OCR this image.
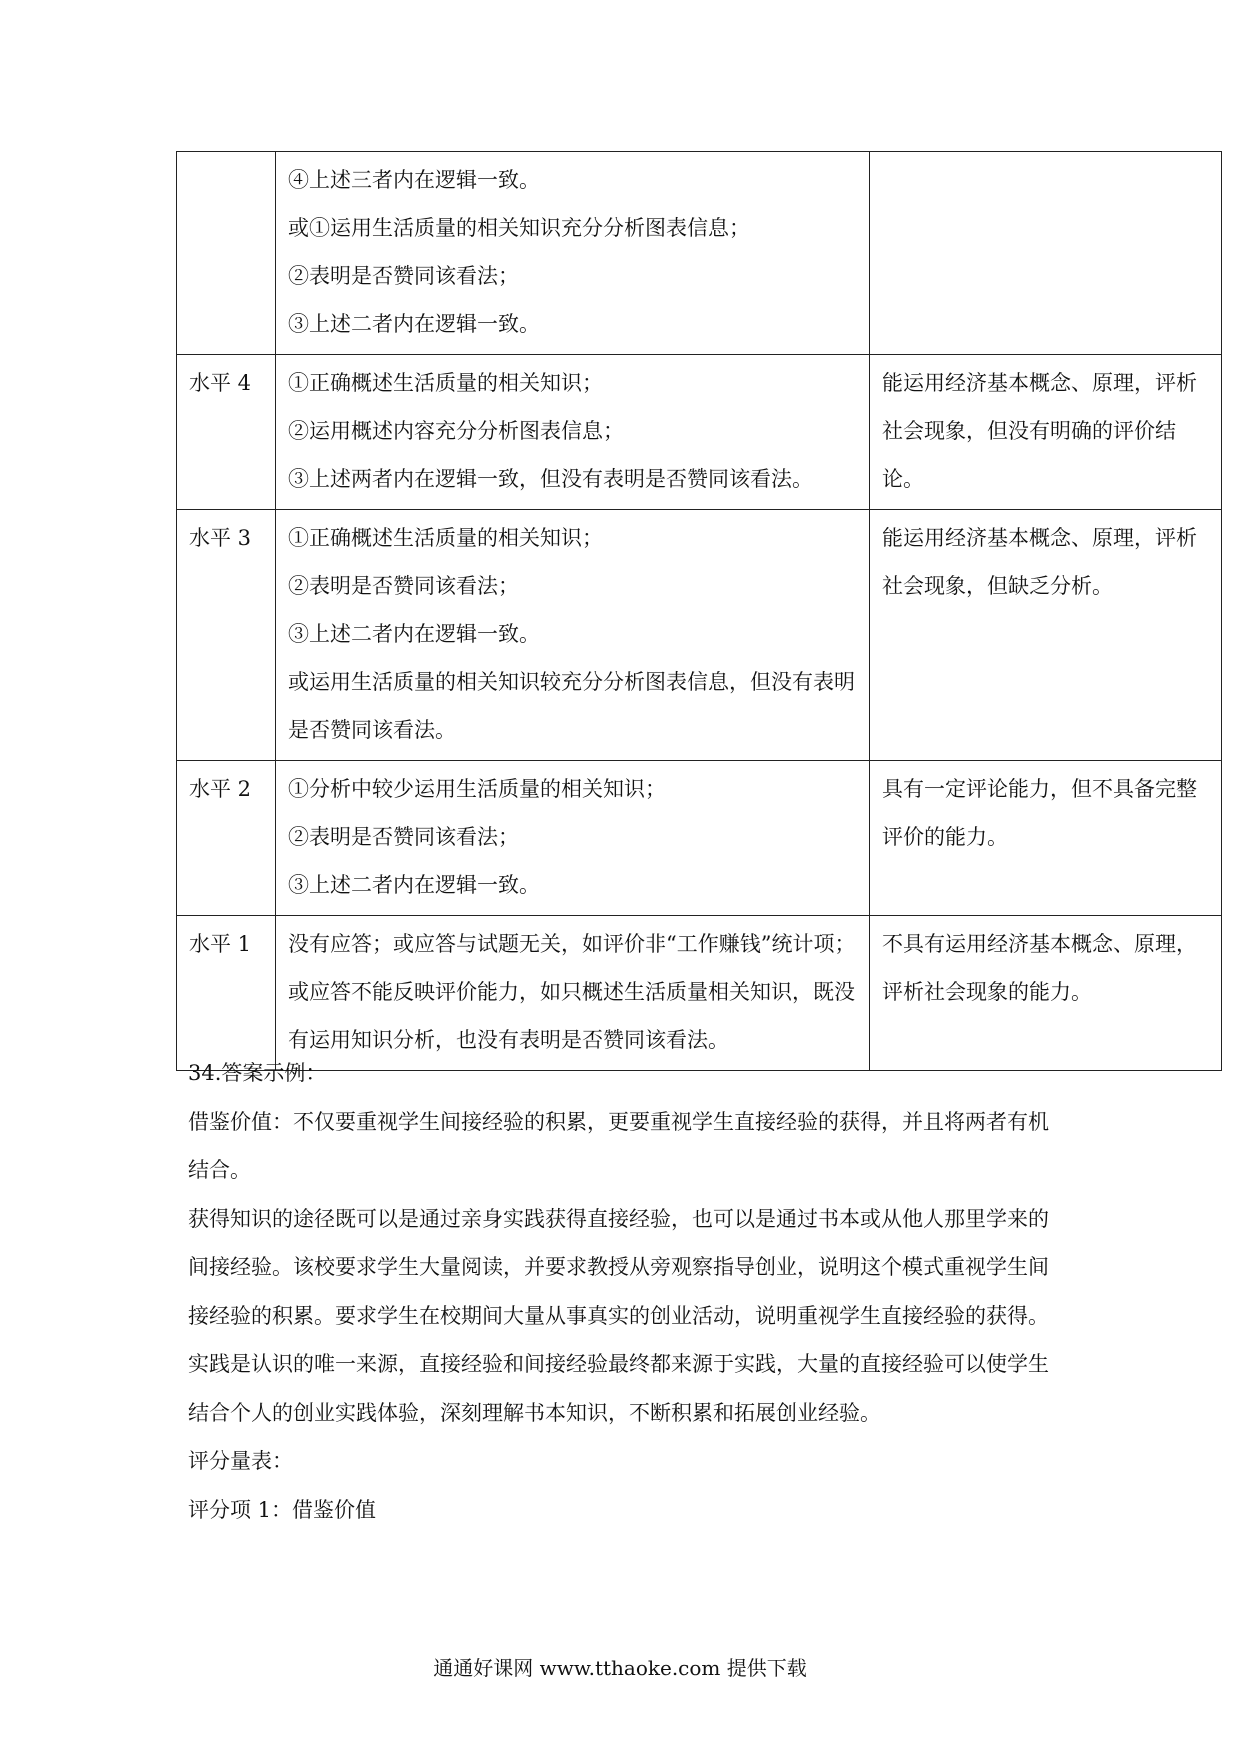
	④上述三者内在逻辑一致。
或①运用生活质量的相关知识充分分析图表信息；
②表明是否赞同该看法；
③上述二者内在逻辑一致。	

水平 4	①正确概述生活质量的相关知识；
②运用概述内容充分分析图表信息；
③上述两者内在逻辑一致，但没有表明是否赞同该看法。	能运用经济基本概念、原理，评析社会现象，但没有明确的评价结论。

水平 3	①正确概述生活质量的相关知识；
②表明是否赞同该看法；
③上述二者内在逻辑一致。
或运用生活质量的相关知识较充分分析图表信息，但没有表明是否赞同该看法。	能运用经济基本概念、原理，评析社会现象，但缺乏分析。

水平 2	①分析中较少运用生活质量的相关知识；
②表明是否赞同该看法；
③上述二者内在逻辑一致。	具有一定评论能力，但不具备完整评价的能力。

水平 1	没有应答；或应答与试题无关，如评价非“工作赚钱”统计项；或应答不能反映评价能力，如只概述生活质量相关知识，既没有运用知识分析，也没有表明是否赞同该看法。	不具有运用经济基本概念、原理，评析社会现象的能力。

34.答案示例：

借鉴价值：不仅要重视学生间接经验的积累，更要重视学生直接经验的获得，并且将两者有机结合。

获得知识的途径既可以是通过亲身实践获得直接经验，也可以是通过书本或从他人那里学来的间接经验。该校要求学生大量阅读，并要求教授从旁观察指导创业，说明这个模式重视学生间接经验的积累。要求学生在校期间大量从事真实的创业活动，说明重视学生直接经验的获得。

实践是认识的唯一来源，直接经验和间接经验最终都来源于实践，大量的直接经验可以使学生结合个人的创业实践体验，深刻理解书本知识，不断积累和拓展创业经验。

评分量表：

评分项 1：借鉴价值

通通好课网 www.tthaoke.com 提供下载
